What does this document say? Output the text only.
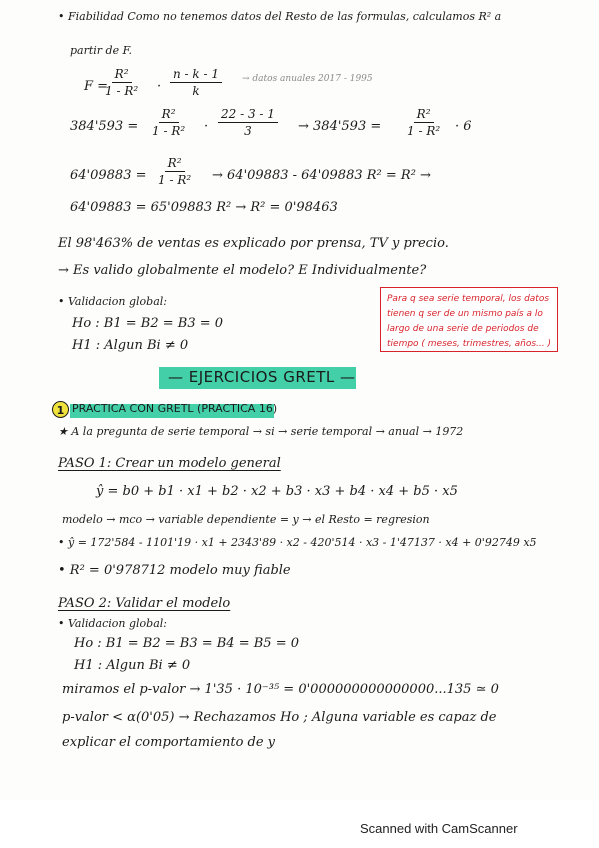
• Fiabilidad Como no tenemos datos del Resto de las formulas, calculamos R² a
partir de F.
F =
$\frac{\text{R²}}{\text{1 - R²}} \cdot \frac{n - k - 1}{k}$ → datos anuales 2017 - 1995
$384'593 = \frac{\text{R²}}{\text{1 - R²}} \cdot \frac{22 - 3 - 1}{3} \to 384'593 = \frac{\text{R²}}{\text{1 - R²}} \cdot 6$
$64'09883 = \frac{\text{R²}}{\text{1 - R²}} \to 64'09883 - 64'09883$ R² = R² →
64'09883 = 65'09883 R² → R² = 0'98463
El 98'463% de ventas es explicado por prensa, TV y precio.
→ Es valido globalmente el modelo? E Individualmente?
• Validacion global:
Ho : B1 = B2 = B3 = 0
H1 : Algun Bi ≠ 0
Para q sea serie temporal, los datos
tienen q ser de un mismo país a lo
largo de una serie de periodos de
tiempo ( meses, trimestres, años... )
— EJERCICIOS GRETL —
1 PRACTICA CON GRETL (PRACTICA 16)
★ A la pregunta de serie temporal → si → serie temporal → anual → 1972
PASO 1: Crear un modelo general
ŷ = b0 + b1 · x1 + b2 · x2 + b3 · x3 + b4 · x4 + b5 · x5
modelo → mco → variable dependiente = y → el Resto = regresion
• ŷ = 172'584 - 1101'19 · x1 + 2343'89 · x2 - 420'514 · x3 - 1'47137 · x4 + 0'92749 x5
• R² = 0'978712 modelo muy fiable
PASO 2: Validar el modelo
• Validacion global:
Ho : B1 = B2 = B3 = B4 = B5 = 0
H1 : Algun Bi ≠ 0
miramos el p-valor → 1'35 · 10⁻³⁵ = 0'000000000000000...135 ≃ 0
p-valor < 𝛼(0'05) → Rechazamos Ho ; Alguna variable es capaz de
explicar el comportamiento de y
Scanned with CamScanner
